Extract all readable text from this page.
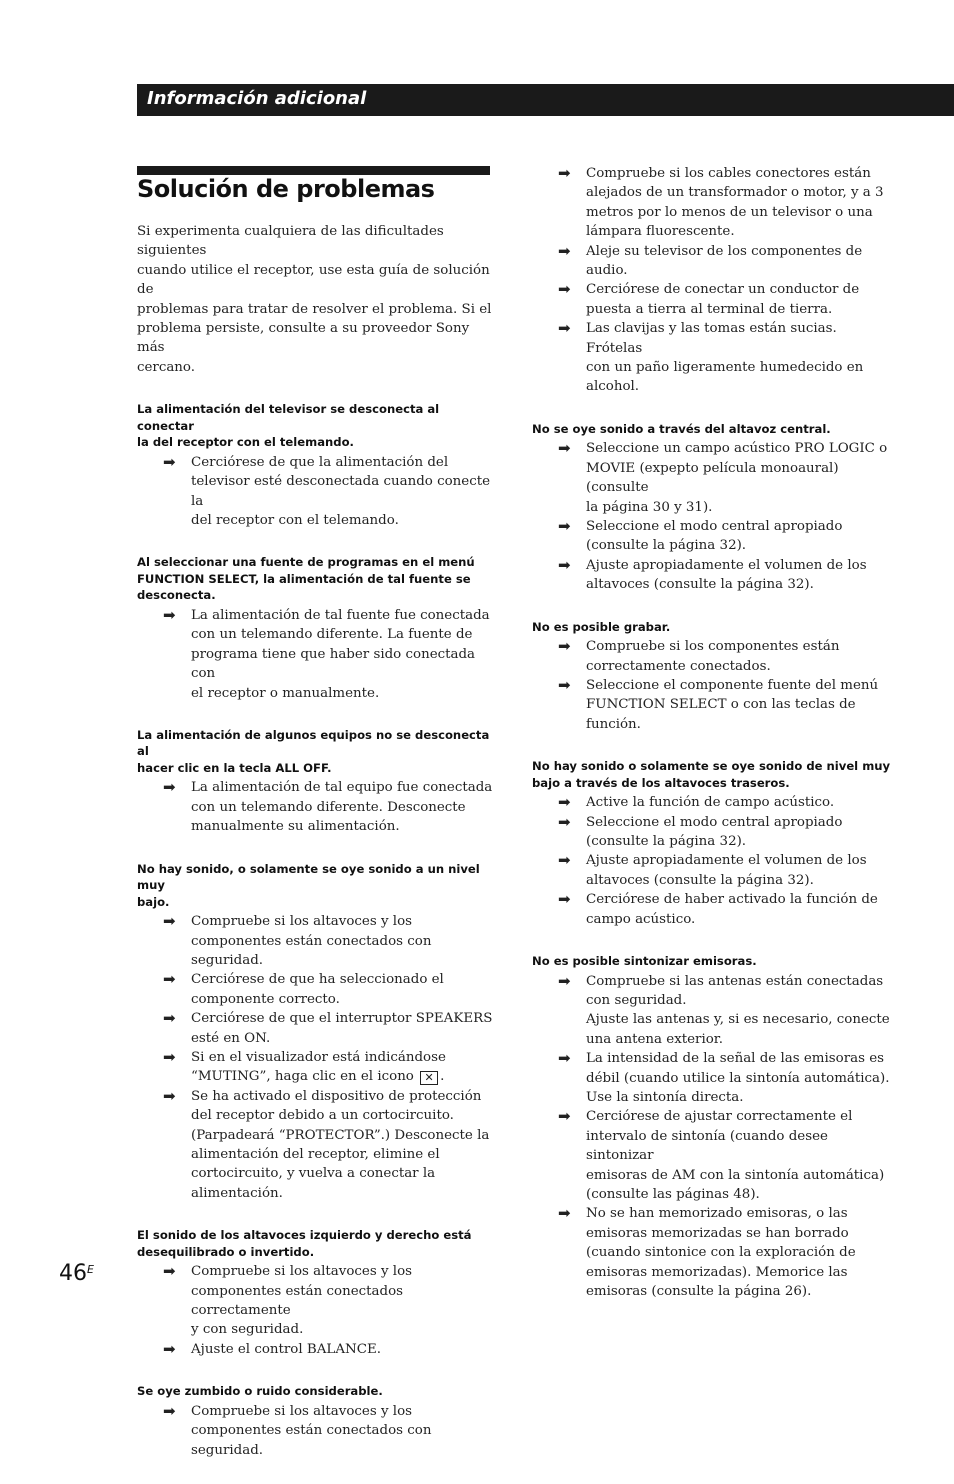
Información adicional
Solución de problemas

Si experimenta cualquiera de las dificultades siguientes
cuando utilice el receptor, use esta guía de solución de
problemas para tratar de resolver el problema. Si el
problema persiste, consulte a su proveedor Sony más
cercano.

La alimentación del televisor se desconecta al conectar
la del receptor con el telemando.
➡ Cerciórese de que la alimentación del
televisor esté desconectada cuando conecte la
del receptor con el telemando.
Al seleccionar una fuente de programas en el menú
FUNCTION SELECT, la alimentación de tal fuente se
desconecta.
➡ La alimentación de tal fuente fue conectada
con un telemando diferente. La fuente de
programa tiene que haber sido conectada con
el receptor o manualmente.
La alimentación de algunos equipos no se desconecta al
hacer clic en la tecla ALL OFF.
➡ La alimentación de tal equipo fue conectada
con un telemando diferente. Desconecte
manualmente su alimentación.
No hay sonido, o solamente se oye sonido a un nivel muy
bajo.
➡ Compruebe si los altavoces y los
componentes están conectados con seguridad.
➡ Cerciórese de que ha seleccionado el
componente correcto.
➡ Cerciórese de que el interruptor SPEAKERS
esté en ON.
➡ Si en el visualizador está indicándose
“MUTING”, haga clic en el icono ✕ .
➡ Se ha activado el dispositivo de protección
del receptor debido a un cortocircuito.
(Parpadeará “PROTECTOR”.) Desconecte la
alimentación del receptor, elimine el
cortocircuito, y vuelva a conectar la
alimentación.
El sonido de los altavoces izquierdo y derecho está
desequilibrado o invertido.
➡ Compruebe si los altavoces y los
componentes están conectados correctamente
y con seguridad.
➡ Ajuste el control BALANCE.
Se oye zumbido o ruido considerable.
➡ Compruebe si los altavoces y los
componentes están conectados con seguridad.
➡ Compruebe si los cables conectores están
alejados de un transformador o motor, y a 3
metros por lo menos de un televisor o una
lámpara fluorescente.
➡ Aleje su televisor de los componentes de
audio.
➡ Cerciórese de conectar un conductor de
puesta a tierra al terminal de tierra.
➡ Las clavijas y las tomas están sucias. Frótelas
con un paño ligeramente humedecido en
alcohol.
No se oye sonido a través del altavoz central.
➡ Seleccione un campo acústico PRO LOGIC o
MOVIE (expepto película monoaural) (consulte
la página 30 y 31).
➡ Seleccione el modo central apropiado
(consulte la página 32).
➡ Ajuste apropiadamente el volumen de los
altavoces (consulte la página 32).
No es posible grabar.
➡ Compruebe si los componentes están
correctamente conectados.
➡ Seleccione el componente fuente del menú
FUNCTION SELECT o con las teclas de
función.
No hay sonido o solamente se oye sonido de nivel muy
bajo a través de los altavoces traseros.
➡ Active la función de campo acústico.
➡ Seleccione el modo central apropiado
(consulte la página 32).
➡ Ajuste apropiadamente el volumen de los
altavoces (consulte la página 32).
➡ Cerciórese de haber activado la función de
campo acústico.
No es posible sintonizar emisoras.
➡ Compruebe si las antenas están conectadas
con seguridad.
Ajuste las antenas y, si es necesario, conecte
una antena exterior.
➡ La intensidad de la señal de las emisoras es
débil (cuando utilice la sintonía automática).
Use la sintonía directa.
➡ Cerciórese de ajustar correctamente el
intervalo de sintonía (cuando desee sintonizar
emisoras de AM con la sintonía automática)
(consulte las páginas 48).
➡ No se han memorizado emisoras, o las
emisoras memorizadas se han borrado
(cuando sintonice con la exploración de
emisoras memorizadas). Memorice las
emisoras (consulte la página 26).
$46^E$
